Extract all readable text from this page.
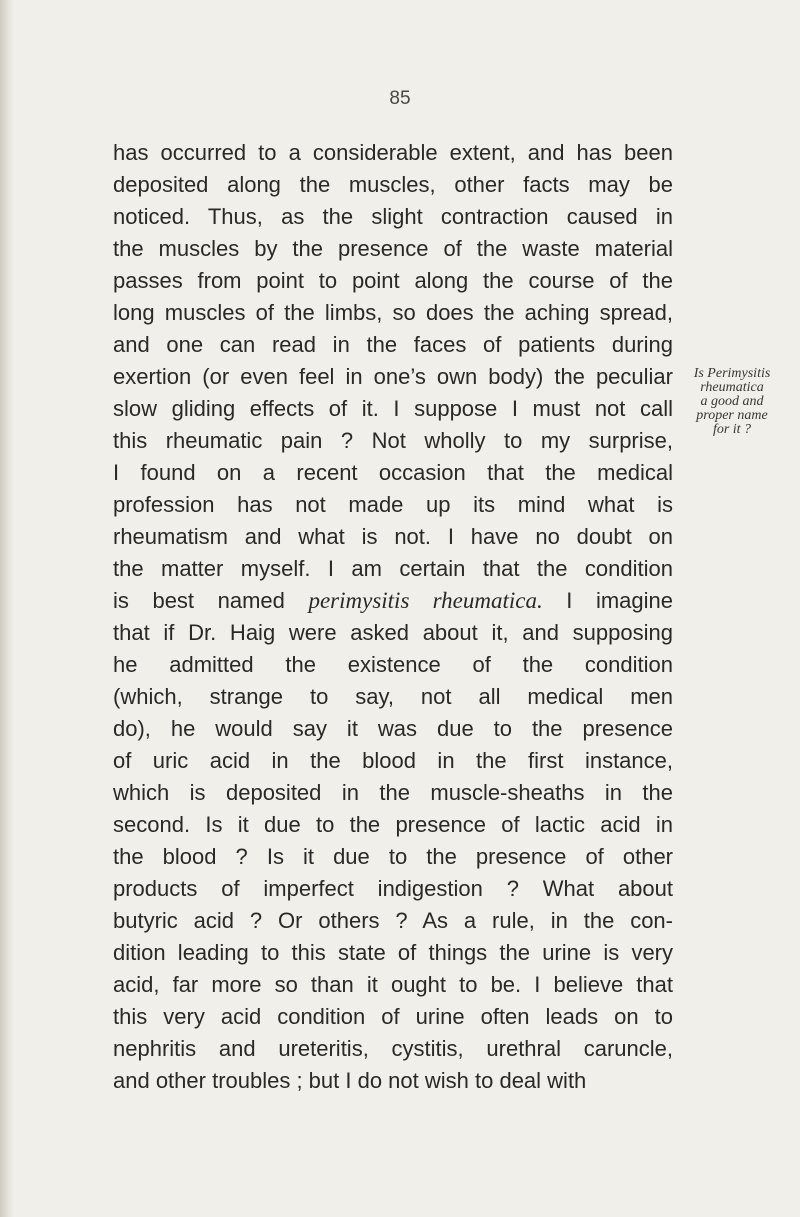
85
has occurred to a considerable extent, and has been
deposited along the muscles, other facts may be
noticed. Thus, as the slight contraction caused in
the muscles by the presence of the waste material
passes from point to point along the course of the
long muscles of the limbs, so does the aching spread,
and one can read in the faces of patients during
exertion (or even feel in one’s own body) the peculiar
slow gliding effects of it. I suppose I must not call
this rheumatic pain ? Not wholly to my surprise,
I found on a recent occasion that the medical
profession has not made up its mind what is
rheumatism and what is not. I have no doubt on
the matter myself. I am certain that the condition
is best named perimysitis rheumatica. I imagine
that if Dr. Haig were asked about it, and supposing
he admitted the existence of the condition
(which, strange to say, not all medical men
do), he would say it was due to the presence
of uric acid in the blood in the first instance,
which is deposited in the muscle-sheaths in the
second. Is it due to the presence of lactic acid in
the blood ? Is it due to the presence of other
products of imperfect indigestion ? What about
butyric acid ? Or others ? As a rule, in the con-
dition leading to this state of things the urine is very
acid, far more so than it ought to be. I believe that
this very acid condition of urine often leads on to
nephritis and ureteritis, cystitis, urethral caruncle,
and other troubles ; but I do not wish to deal with
Is Perimysitis
rheumatica
a good and
proper name
for it ?
